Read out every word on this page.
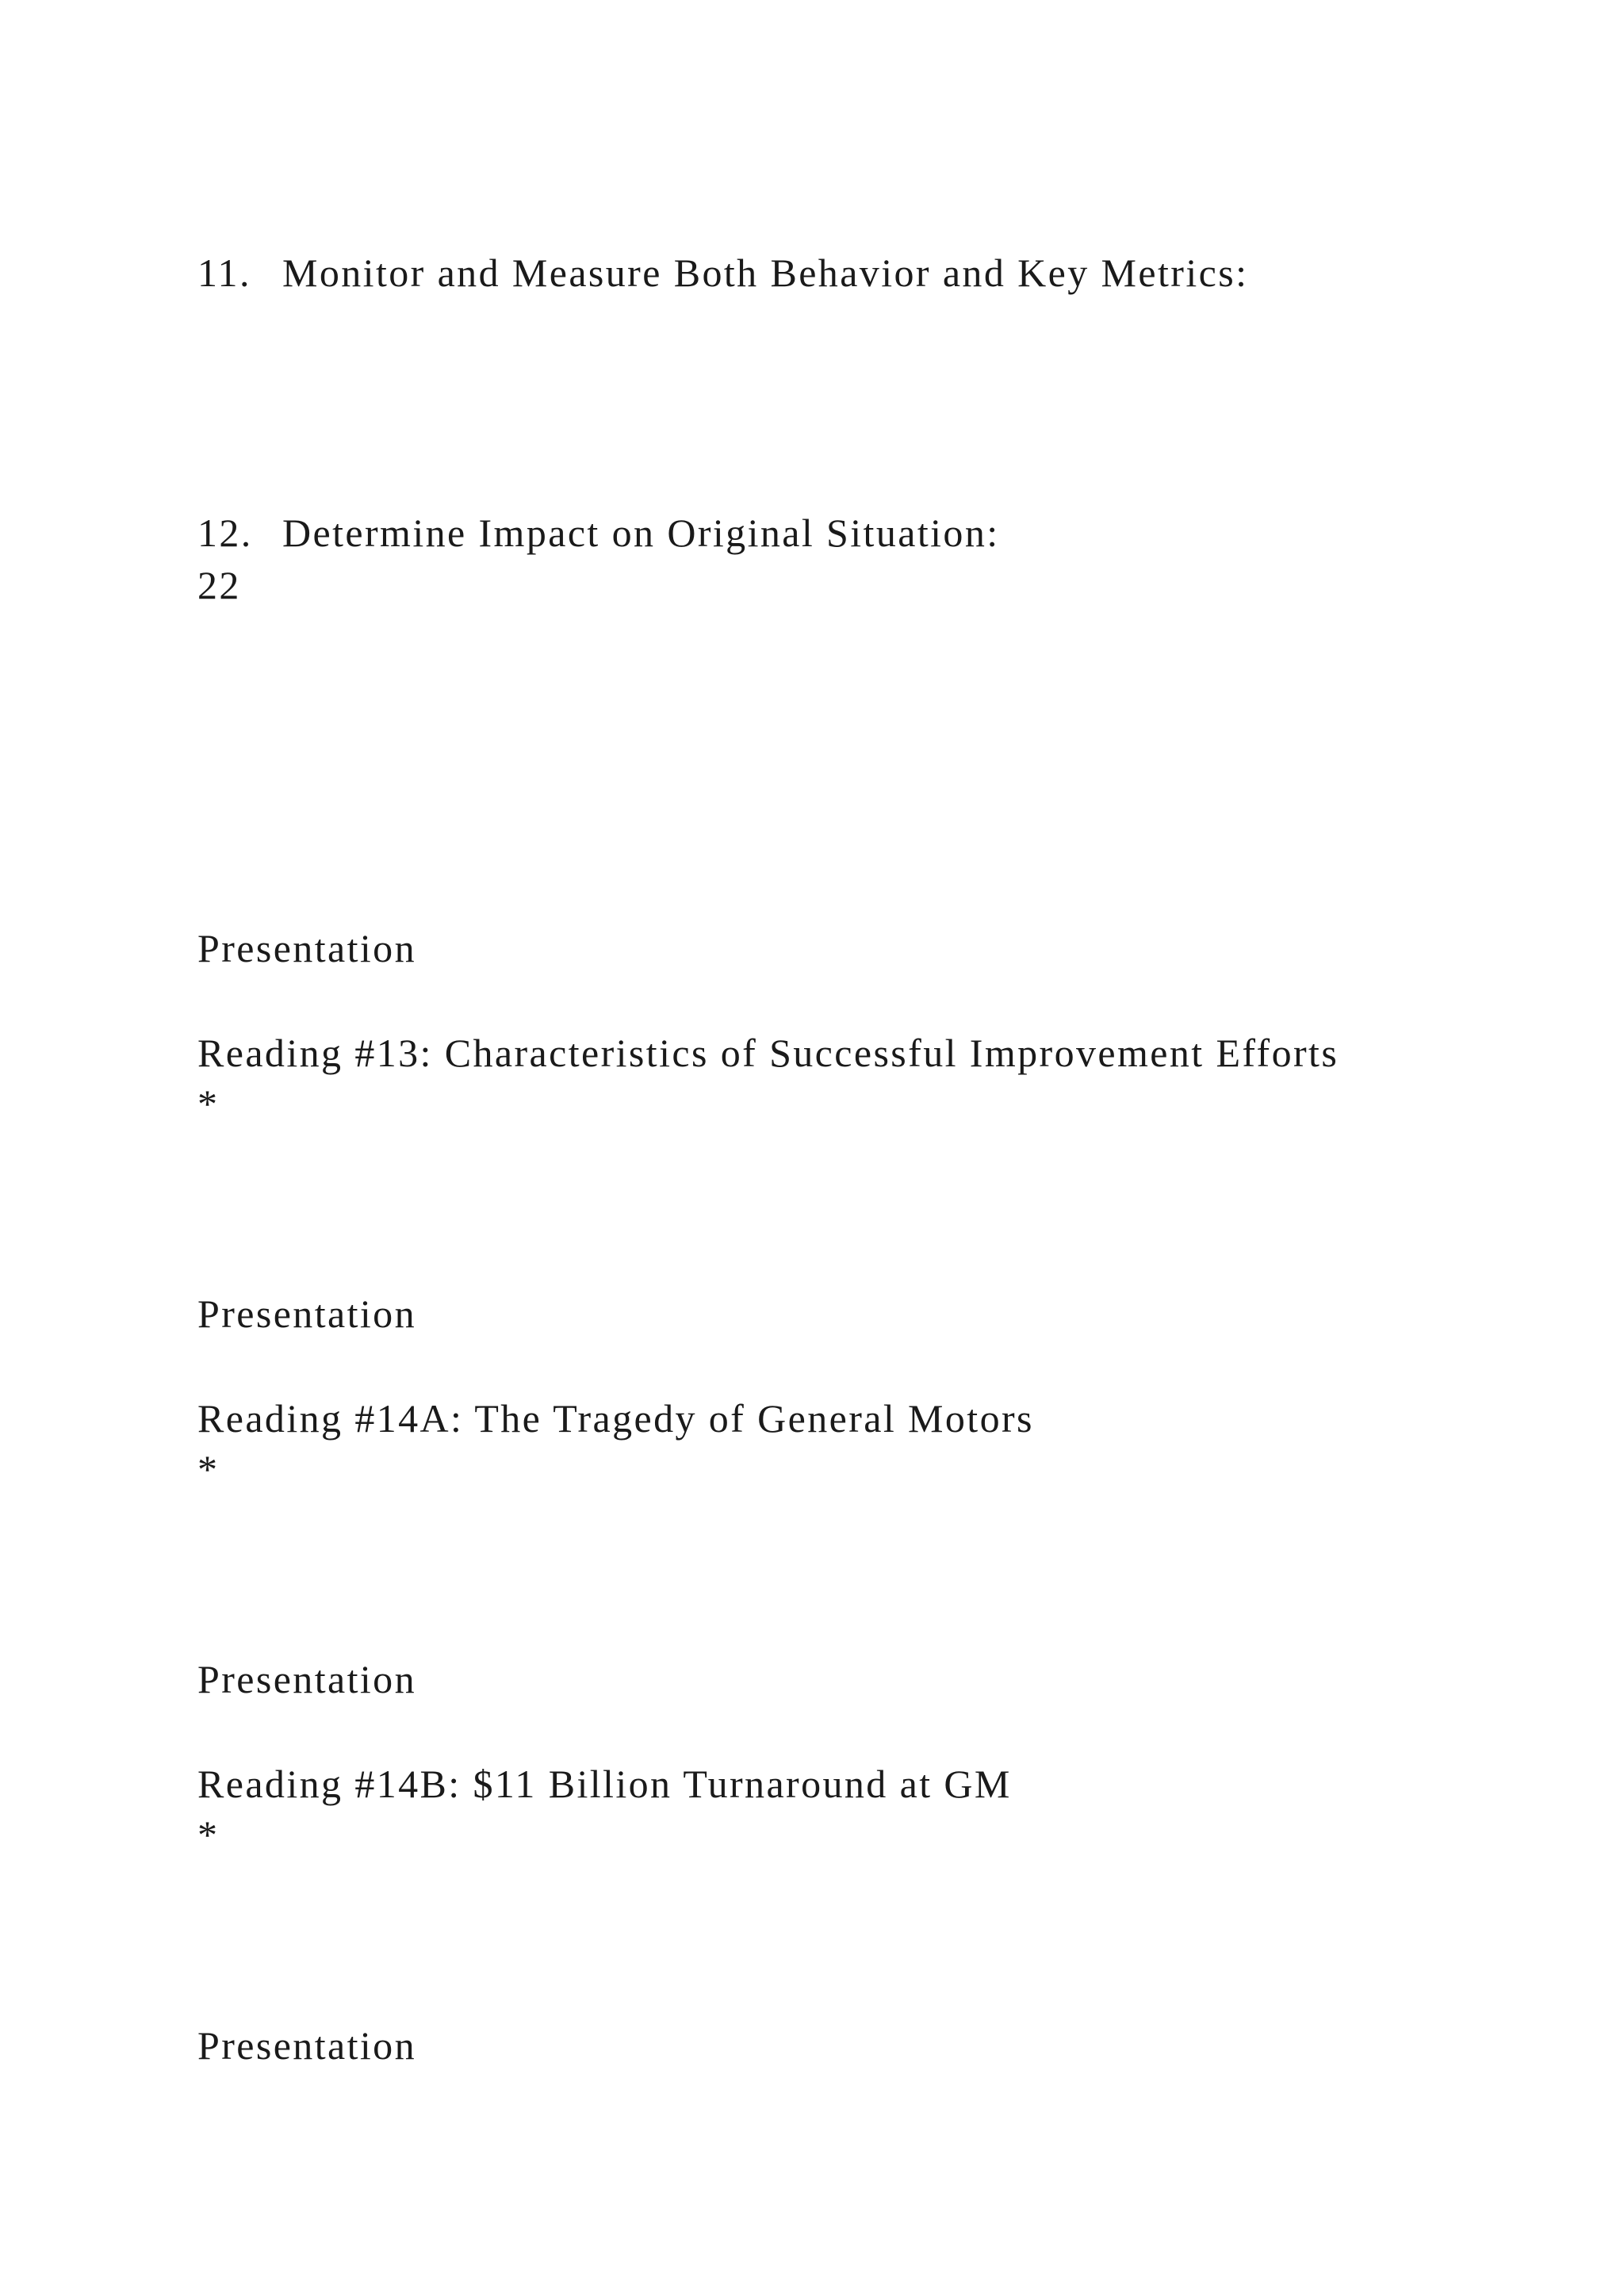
11. Monitor and Measure Both Behavior and Key Metrics:

12. Determine Impact on Original Situation:

22

Presentation

Reading #13: Characteristics of Successful Improvement Efforts

*

Presentation

Reading #14A: The Tragedy of General Motors

*

Presentation

Reading #14B: $11 Billion Turnaround at GM

*

Presentation
